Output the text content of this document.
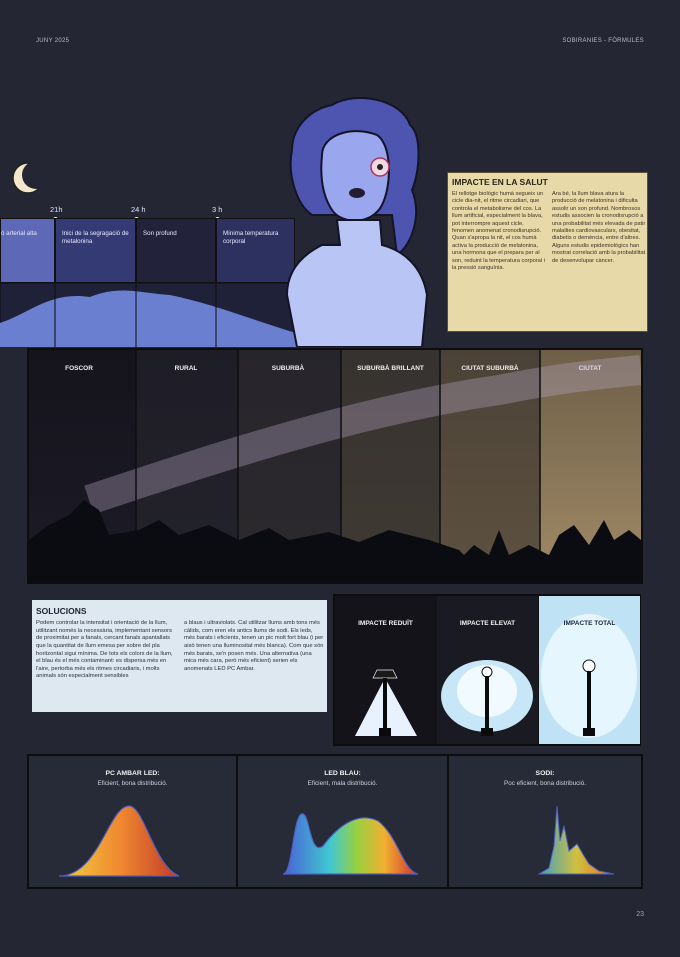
JUNY 2025	SOBIRANIES - FÒRMULES
21h	24 h	3 h
ó arterial alta	Inici de la segragació de metalonina
Son profund	Mínima temperatura corporal
IMPACTE EN LA SALUT
El rellotge biològic humà segueix un cicle dia-nit, el ritme circadiari, que controla el metabolisme del cos. La llum artificial, especialment la blava, pot interrompre aquest cicle, fenomen anomenat cronodisrupció. Quan s'apropa la nit, el cos humà activa la producció de melatonina, una hormona que el prepara per al son, reduint la temperatura corporal i la pressió sanguínia.
Ara bé, la llum blava atura la producció de melatonina i dificulta assolir un son profund. Nombrosos estudis associen la cronodisrupció a una probabilitat més elevada de patir malalties cardiovasculars, obesitat, diabetis o demència, entre d'altres. Alguns estudis epidemiològics han mostrat correlació amb la probabilitat de desenvolupar càncer.
FOSCOR	RURAL	SUBURBÀ	SUBURBÀ BRILLANT	CIUTAT SUBURBÀ	CIUTAT
SOLUCIONS
Podem controlar la intensitat i orientació de la llum, utilitzant només la necessària, implementant sensors de proximitat per a fanals, cercant fanals apantallats que la quantitat de llum emesa per sobre del pla horitzontal sigui mínima. De tots els colors de la llum, el blau és el més contaminant: es dispersa més en l'aire, pertorba més els ritmes circadiaris, i molts animals són especialment sensibles
a blaus i ultraviolats. Cal utilitzar llums amb tons més càlids, com eren els antics llums de sodi. Els leds, més barats i eficients, tenen un pic molt fort blau (i per això tenen una lluminositat més blanca). Com que són més barats, se'n posen més. Una alternativa (una mica més cara, però més eficient) serien els anomenats LED PC Ambar.
IMPACTE REDUÏT	IMPACTE ELEVAT	IMPACTE TOTAL
PC AMBAR LED:
Eficient, bona distribució.
LED BLAU:
Eficient, mala distribució.
SODI:
Poc eficient, bona distribució.
23
